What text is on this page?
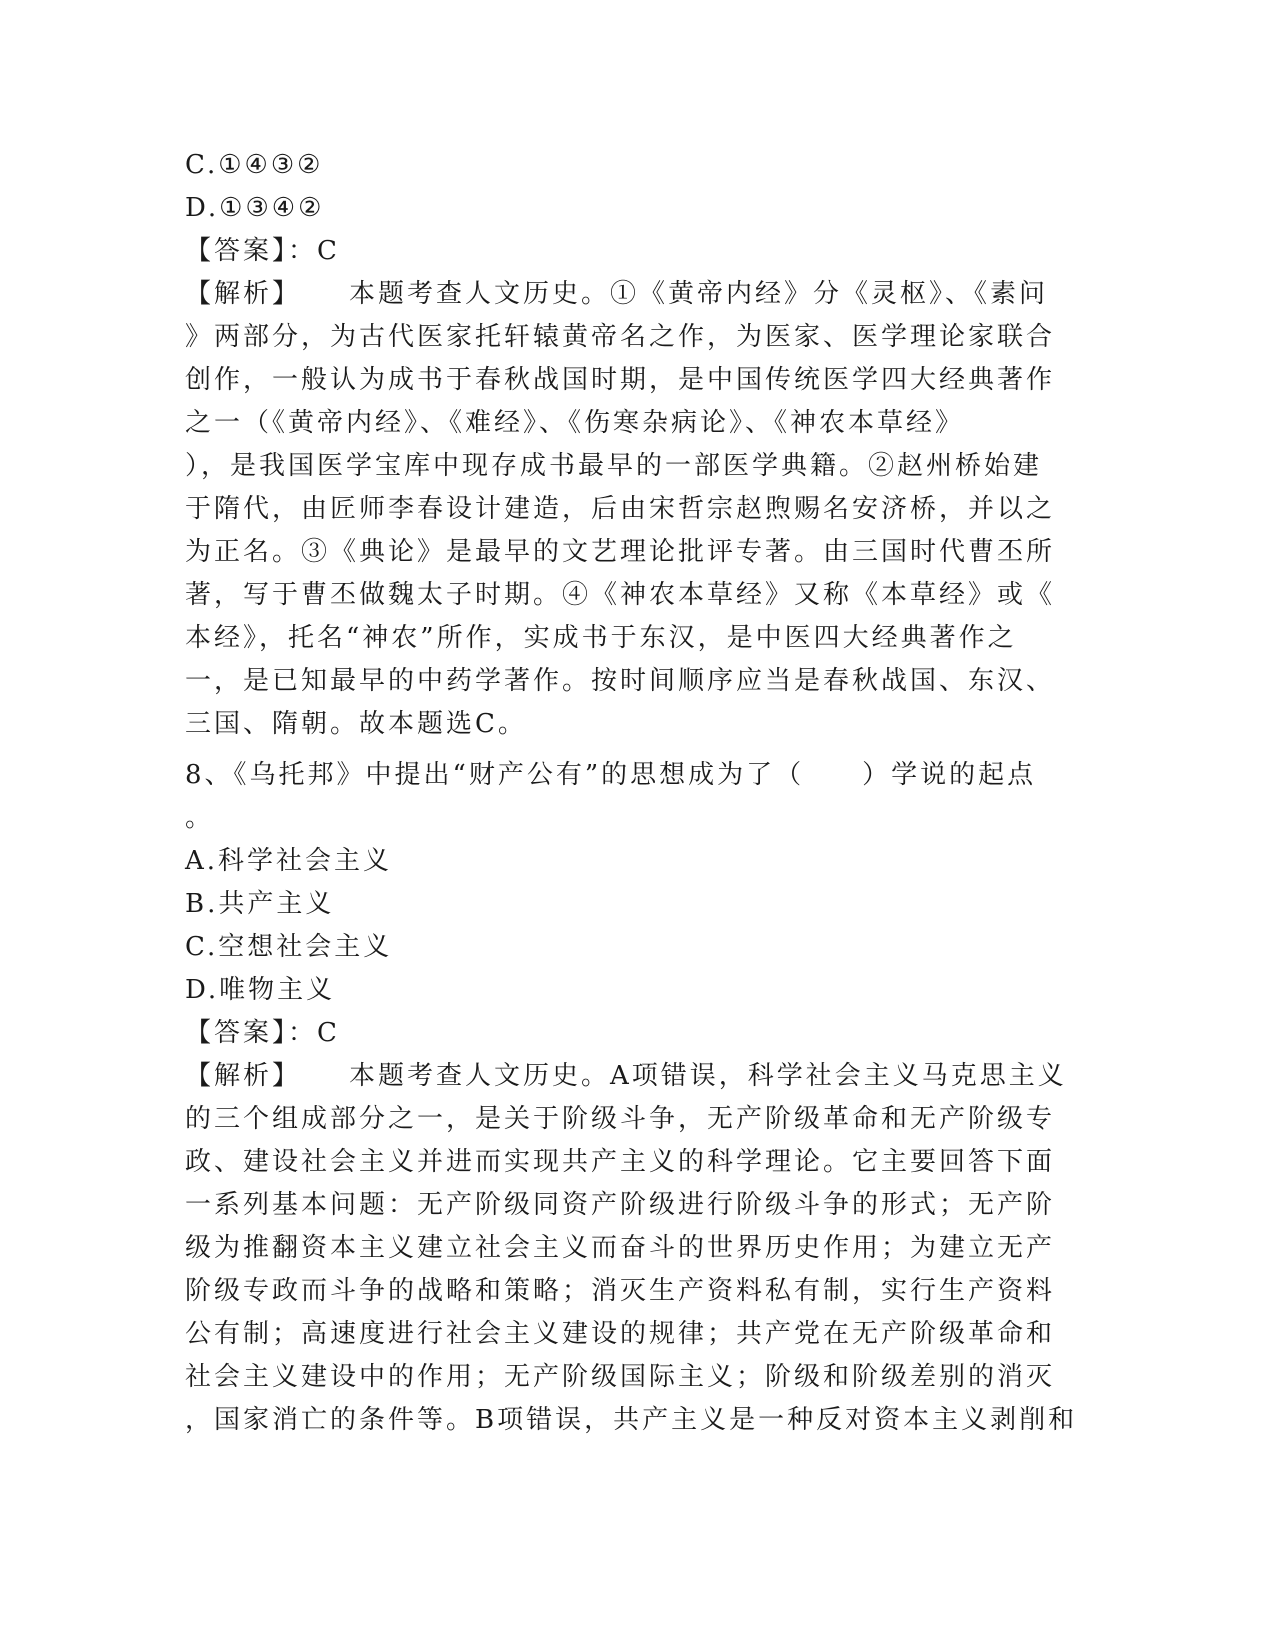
C.①④③②
D.①③④②
【答案】：C
【解析】 本题考查人文历史。①《黄帝内经》分《灵枢》、《素问
》两部分，为古代医家托轩辕黄帝名之作，为医家、医学理论家联合
创作，一般认为成书于春秋战国时期，是中国传统医学四大经典著作
之一（《黄帝内经》、《难经》、《伤寒杂病论》、《神农本草经》
），是我国医学宝库中现存成书最早的一部医学典籍。②赵州桥始建
于隋代，由匠师李春设计建造，后由宋哲宗赵煦赐名安济桥，并以之
为正名。③《典论》是最早的文艺理论批评专著。由三国时代曹丕所
著，写于曹丕做魏太子时期。④《神农本草经》又称《本草经》或《
本经》，托名“神农”所作，实成书于东汉，是中医四大经典著作之
一，是已知最早的中药学著作。按时间顺序应当是春秋战国、东汉、
三国、隋朝。故本题选C。
8、《乌托邦》中提出“财产公有”的思想成为了（　　）学说的起点
。
A.科学社会主义
B.共产主义
C.空想社会主义
D.唯物主义
【答案】：C
【解析】 本题考查人文历史。A项错误，科学社会主义马克思主义
的三个组成部分之一，是关于阶级斗争，无产阶级革命和无产阶级专
政、建设社会主义并进而实现共产主义的科学理论。它主要回答下面
一系列基本问题：无产阶级同资产阶级进行阶级斗争的形式；无产阶
级为推翻资本主义建立社会主义而奋斗的世界历史作用；为建立无产
阶级专政而斗争的战略和策略；消灭生产资料私有制，实行生产资料
公有制；高速度进行社会主义建设的规律；共产党在无产阶级革命和
社会主义建设中的作用；无产阶级国际主义；阶级和阶级差别的消灭
，国家消亡的条件等。B项错误，共产主义是一种反对资本主义剥削和
